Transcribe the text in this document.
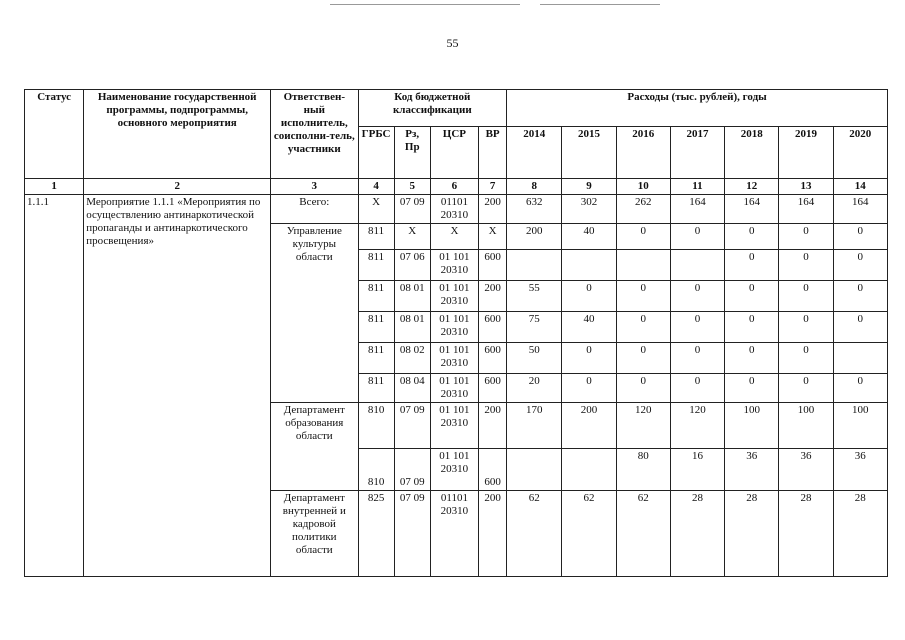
55
Статус	Наименование государственной программы, подпрограммы, основного мероприятия	Ответствен-ный исполнитель, соисполни-тель, участники	Код бюджетной классификации				Расходы (тыс. рублей), годы						
			ГРБС	Рз, Пр	ЦСР	ВР	2014	2015	2016	2017	2018	2019	2020
1	2	3	4	5	6	7	8	9	10	11	12	13	14
1.1.1	Мероприятие 1.1.1 «Мероприятия по осуществлению антинаркотической пропаганды и антинаркотического просвещения»	Всего:	X	07 09	01101 20310	200	632	302	262	164	164	164	164
		Управление культуры области	811	X	X	X	200	40	0	0	0	0	0
			811	07 06	01 101 20310	600					0	0	0
			811	08 01	01 101 20310	200	55	0	0	0	0	0	0
			811	08 01	01 101 20310	600	75	40	0	0	0	0	0
			811	08 02	01 101 20310	600	50	0	0	0	0	0	
			811	08 04	01 101 20310	600	20	0	0	0	0	0	0
		Департамент образования области	810	07 09	01 101 20310	200	170	200	120	120	100	100	100
			810	07 09	01 101 20310	600			80	16	36	36	36
		Департамент внутренней и кадровой политики области	825	07 09	01101 20310	200	62	62	62	28	28	28	28
